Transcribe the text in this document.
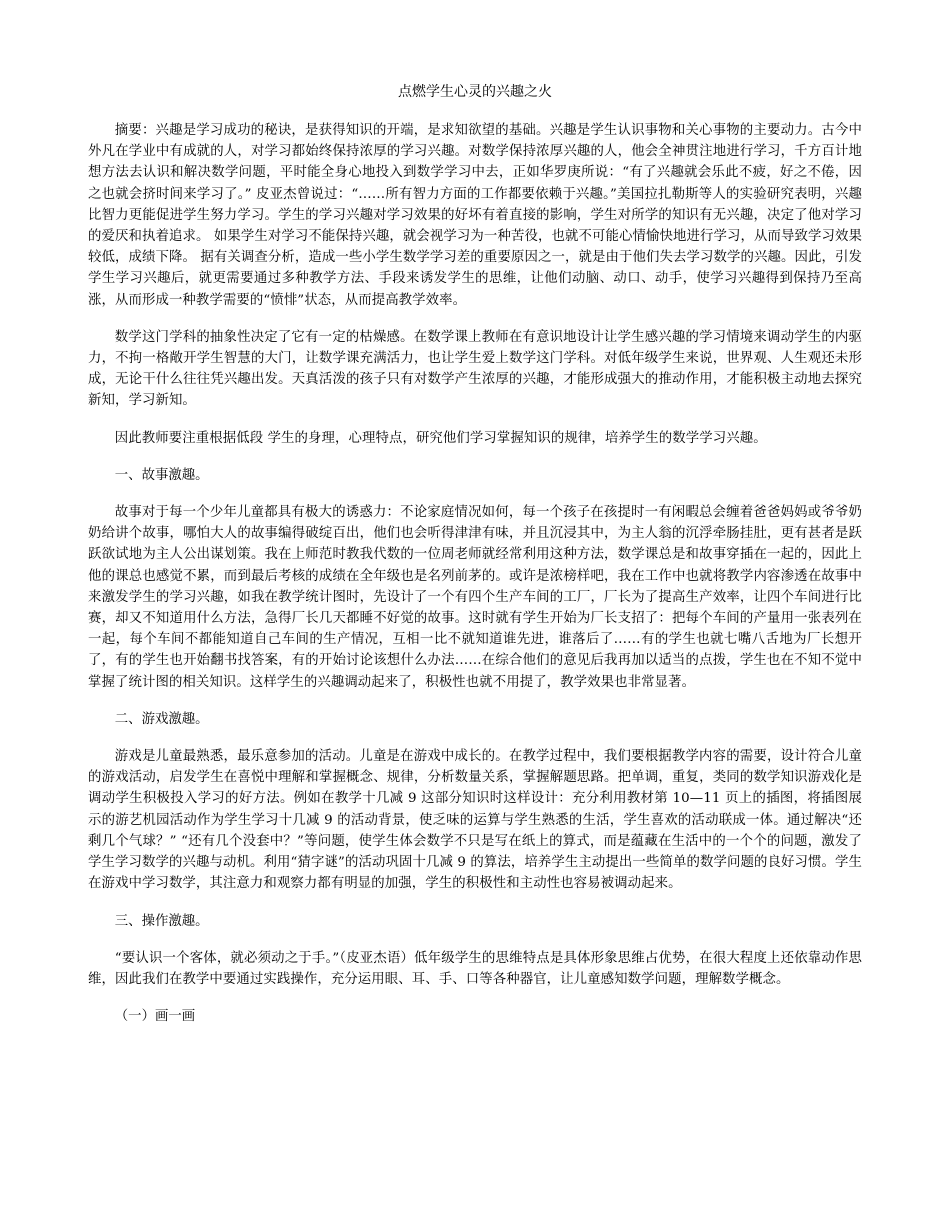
点燃学生心灵的兴趣之火

摘要：兴趣是学习成功的秘诀，是获得知识的开端，是求知欲望的基础。兴趣是学生认识事物和关心事物的主要动力。古今中外凡在学业中有成就的人，对学习都始终保持浓厚的学习兴趣。对数学保持浓厚兴趣的人，他会全神贯注地进行学习，千方百计地想方法去认识和解决数学问题，平时能全身心地投入到数学学习中去，正如华罗庚所说：“有了兴趣就会乐此不疲，好之不倦，因之也就会挤时间来学习了。” 皮亚杰曾说过：“……所有智力方面的工作都要依赖于兴趣。”美国拉扎勒斯等人的实验研究表明，兴趣比智力更能促进学生努力学习。学生的学习兴趣对学习效果的好坏有着直接的影响，学生对所学的知识有无兴趣，决定了他对学习的爱厌和执着追求。 如果学生对学习不能保持兴趣，就会视学习为一种苦役，也就不可能心情愉快地进行学习，从而导致学习效果较低，成绩下降。 据有关调查分析，造成一些小学生数学学习差的重要原因之一，就是由于他们失去学习数学的兴趣。因此，引发学生学习兴趣后，就更需要通过多种教学方法、手段来诱发学生的思维，让他们动脑、动口、动手，使学习兴趣得到保持乃至高涨，从而形成一种教学需要的“愤悱”状态，从而提高教学效率。

数学这门学科的抽象性决定了它有一定的枯燥感。在数学课上教师在有意识地设计让学生感兴趣的学习情境来调动学生的内驱力，不拘一格敞开学生智慧的大门，让数学课充满活力，也让学生爱上数学这门学科。对低年级学生来说，世界观、人生观还未形成，无论干什么往往凭兴趣出发。天真活泼的孩子只有对数学产生浓厚的兴趣，才能形成强大的推动作用，才能积极主动地去探究新知，学习新知。

因此教师要注重根据低段 学生的身理，心理特点，研究他们学习掌握知识的规律，培养学生的数学学习兴趣。

一、故事激趣。

故事对于每一个少年儿童都具有极大的诱惑力：不论家庭情况如何，每一个孩子在孩提时一有闲暇总会缠着爸爸妈妈或爷爷奶奶给讲个故事，哪怕大人的故事编得破绽百出，他们也会听得津津有味，并且沉浸其中，为主人翁的沉浮牵肠挂肚，更有甚者是跃跃欲试地为主人公出谋划策。我在上师范时教我代数的一位周老师就经常利用这种方法，数学课总是和故事穿插在一起的，因此上他的课总也感觉不累，而到最后考核的成绩在全年级也是名列前茅的。或许是浓榜样吧，我在工作中也就将教学内容渗透在故事中来激发学生的学习兴趣，如我在教学统计图时，先设计了一个有四个生产车间的工厂，厂长为了提高生产效率，让四个车间进行比赛，却又不知道用什么方法，急得厂长几天都睡不好觉的故事。这时就有学生开始为厂长支招了：把每个车间的产量用一张表列在一起，每个车间不都能知道自己车间的生产情况，互相一比不就知道谁先进，谁落后了……有的学生也就七嘴八舌地为厂长想开了，有的学生也开始翻书找答案，有的开始讨论该想什么办法……在综合他们的意见后我再加以适当的点拨，学生也在不知不觉中掌握了统计图的相关知识。这样学生的兴趣调动起来了，积极性也就不用提了，教学效果也非常显著。

二、游戏激趣。

游戏是儿童最熟悉，最乐意参加的活动。儿童是在游戏中成长的。在教学过程中，我们要根据教学内容的需要，设计符合儿童的游戏活动，启发学生在喜悦中理解和掌握概念、规律，分析数量关系，掌握解题思路。把单调，重复，类同的数学知识游戏化是调动学生积极投入学习的好方法。例如在教学十几减 9 这部分知识时这样设计：充分利用教材第 10—11 页上的插图，将插图展示的游艺机园活动作为学生学习十几减 9 的活动背景，使乏味的运算与学生熟悉的生活，学生喜欢的活动联成一体。通过解决“还剩几个气球？” “还有几个没套中？”等问题，使学生体会数学不只是写在纸上的算式，而是蕴藏在生活中的一个个的问题，激发了学生学习数学的兴趣与动机。利用“猜字谜”的活动巩固十几减 9 的算法，培养学生主动提出一些简单的数学问题的良好习惯。学生在游戏中学习数学，其注意力和观察力都有明显的加强，学生的积极性和主动性也容易被调动起来。

三、操作激趣。

“要认识一个客体，就必须动之于手。”（皮亚杰语）低年级学生的思维特点是具体形象思维占优势，在很大程度上还依靠动作思维，因此我们在教学中要通过实践操作，充分运用眼、耳、手、口等各种器官，让儿童感知数学问题，理解数学概念。

（一）画一画
